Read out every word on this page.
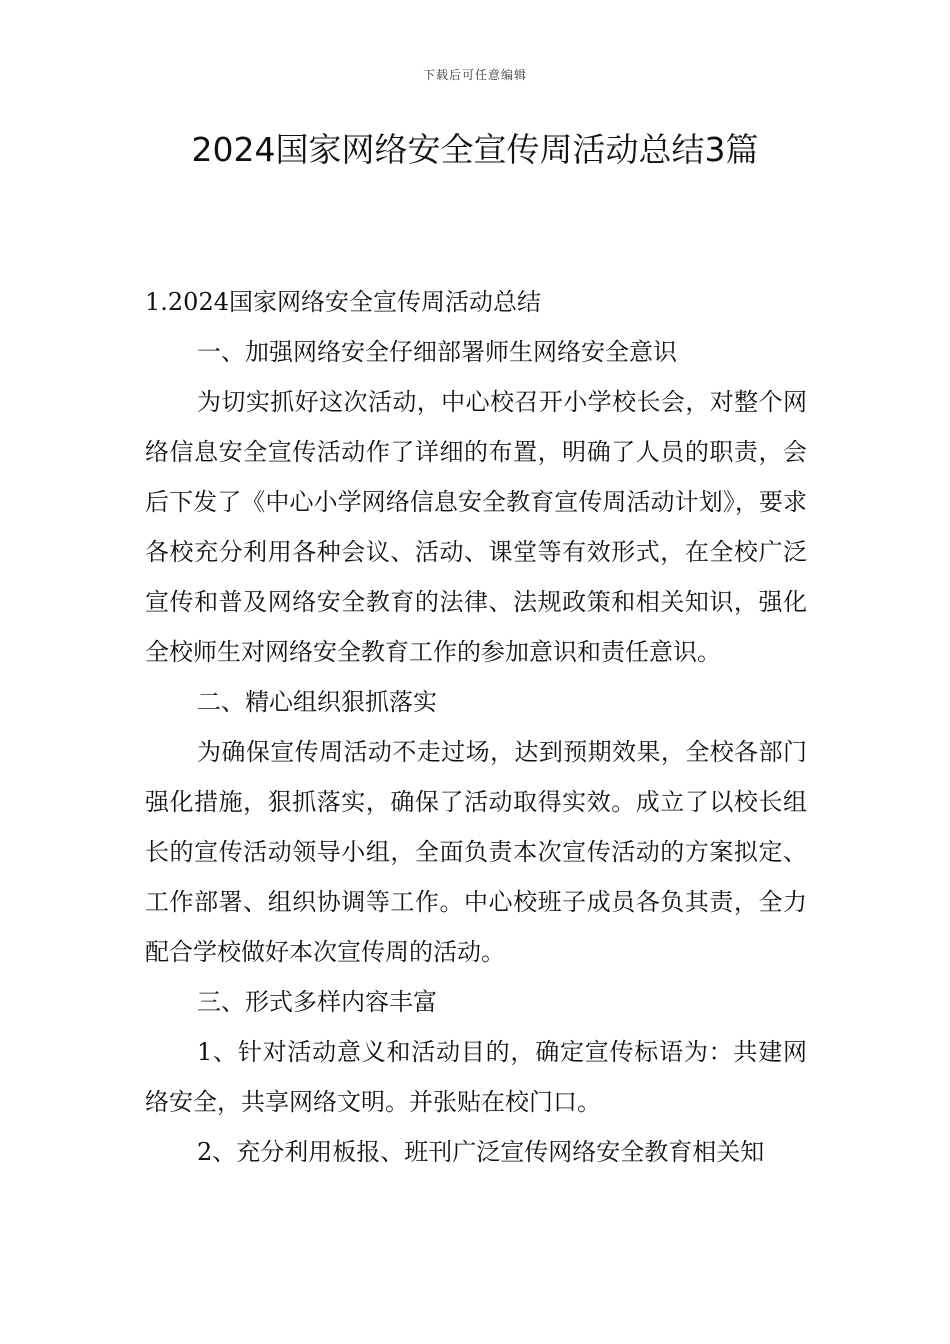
下载后可任意编辑
2024国家网络安全宣传周活动总结3篇

1.2024国家网络安全宣传周活动总结

一、加强网络安全仔细部署师生网络安全意识

为切实抓好这次活动，中心校召开小学校长会，对整个网络信息安全宣传活动作了详细的布置，明确了人员的职责，会后下发了《中心小学网络信息安全教育宣传周活动计划》，要求各校充分利用各种会议、活动、课堂等有效形式，在全校广泛宣传和普及网络安全教育的法律、法规政策和相关知识，强化全校师生对网络安全教育工作的参加意识和责任意识。

二、精心组织狠抓落实

为确保宣传周活动不走过场，达到预期效果，全校各部门强化措施，狠抓落实，确保了活动取得实效。成立了以校长组长的宣传活动领导小组，全面负责本次宣传活动的方案拟定、工作部署、组织协调等工作。中心校班子成员各负其责，全力配合学校做好本次宣传周的活动。

三、形式多样内容丰富

1、针对活动意义和活动目的，确定宣传标语为：共建网络安全，共享网络文明。并张贴在校门口。

2、充分利用板报、班刊广泛宣传网络安全教育相关知
